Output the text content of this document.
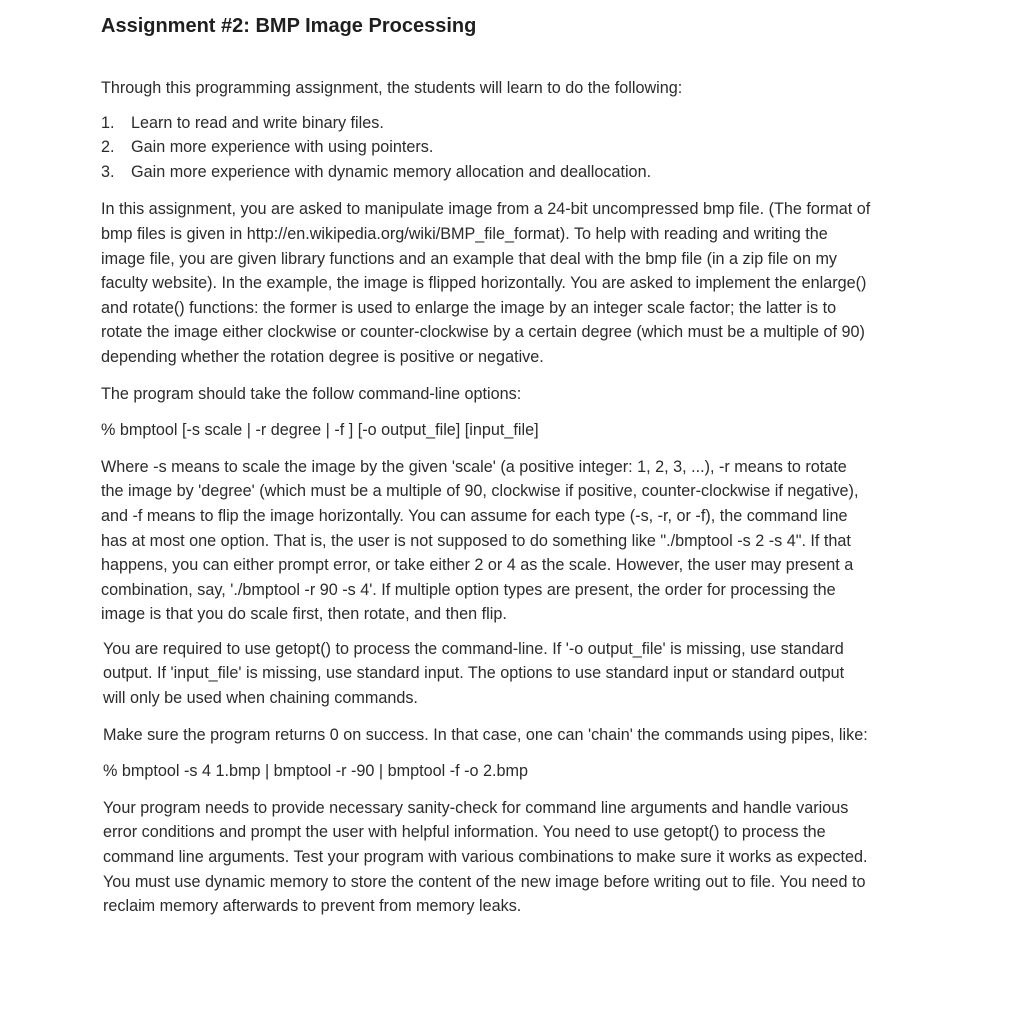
Assignment #2: BMP Image Processing

Through this programming assignment, the students will learn to do the following:

1.	Learn to read and write binary files.
2.	Gain more experience with using pointers.
3.	Gain more experience with dynamic memory allocation and deallocation.

In this assignment, you are asked to manipulate image from a 24-bit uncompressed bmp file. (The format of bmp files is given in http://en.wikipedia.org/wiki/BMP_file_format). To help with reading and writing the image file, you are given library functions and an example that deal with the bmp file (in a zip file on my faculty website). In the example, the image is flipped horizontally. You are asked to implement the enlarge() and rotate() functions: the former is used to enlarge the image by an integer scale factor; the latter is to rotate the image either clockwise or counter-clockwise by a certain degree (which must be a multiple of 90) depending whether the rotation degree is positive or negative.

The program should take the follow command-line options:

% bmptool [-s scale | -r degree | -f ] [-o output_file] [input_file]

Where -s means to scale the image by the given 'scale' (a positive integer: 1, 2, 3, ...), -r means to rotate the image by 'degree' (which must be a multiple of 90, clockwise if positive, counter-clockwise if negative), and -f means to flip the image horizontally. You can assume for each type (-s, -r, or -f), the command line has at most one option. That is, the user is not supposed to do something like "./bmptool -s 2 -s 4". If that happens, you can either prompt error, or take either 2 or 4 as the scale. However, the user may present a combination, say, './bmptool -r 90 -s 4'. If multiple option types are present, the order for processing the image is that you do scale first, then rotate, and then flip.

You are required to use getopt() to process the command-line. If '-o output_file' is missing, use standard output. If 'input_file' is missing, use standard input. The options to use standard input or standard output will only be used when chaining commands.

Make sure the program returns 0 on success. In that case, one can 'chain' the commands using pipes, like:

% bmptool -s 4 1.bmp | bmptool -r -90 | bmptool -f -o 2.bmp

Your program needs to provide necessary sanity-check for command line arguments and handle various error conditions and prompt the user with helpful information. You need to use getopt() to process the command line arguments. Test your program with various combinations to make sure it works as expected. You must use dynamic memory to store the content of the new image before writing out to file. You need to reclaim memory afterwards to prevent from memory leaks.
